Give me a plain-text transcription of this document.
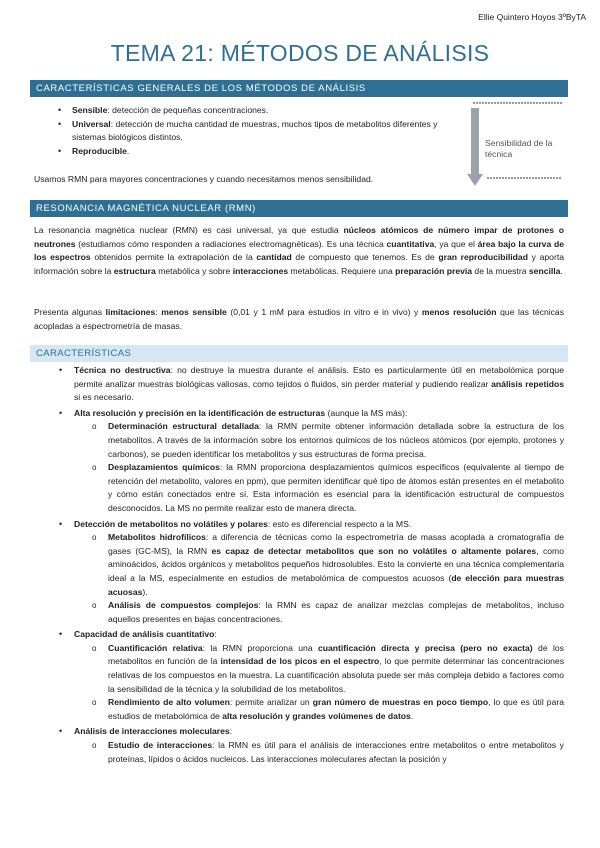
Ellie Quintero Hoyos 3ºByTA
TEMA 21: MÉTODOS DE ANÁLISIS
CARACTERÍSTICAS GENERALES DE LOS MÉTODOS DE ANÁLISIS
• Sensible: detección de pequeñas concentraciones.
• Universal: detección de mucha cantidad de muestras, muchos tipos de metabolitos diferentes y sistemas biológicos distintos.
• Reproducible.
Usamos RMN para mayores concentraciones y cuando necesitamos menos sensibilidad.
Sensibilidad de la técnica
RESONANCIA MAGNÉTICA NUCLEAR (RMN)
La resonancia magnética nuclear (RMN) es casi universal, ya que estudia núcleos atómicos de número impar de protones o neutrones (estudiamos cómo responden a radiaciones electromagnéticas). Es una técnica cuantitativa, ya que el área bajo la curva de los espectros obtenidos permite la extrapolación de la cantidad de compuesto que tenemos. Es de gran reproducibilidad y aporta información sobre la estructura metabólica y sobre interacciones metabólicas. Requiere una preparación previa de la muestra sencilla.
Presenta algunas limitaciones: menos sensible (0,01 y 1 mM para estudios in vitro e in vivo) y menos resolución que las técnicas acopladas a espectrometría de masas.
CARACTERÍSTICAS
• Técnica no destructiva: no destruye la muestra durante el análisis. Esto es particularmente útil en metabolómica porque permite analizar muestras biológicas valiosas, como tejidos o fluidos, sin perder material y pudiendo realizar análisis repetidos si es necesario.
• Alta resolución y precisión en la identificación de estructuras (aunque la MS más):
o Determinación estructural detallada: la RMN permite obtener información detallada sobre la estructura de los metabolitos. A través de la información sobre los entornos químicos de los núcleos atómicos (por ejemplo, protones y carbonos), se pueden identificar los metabolitos y sus estructuras de forma precisa.
o Desplazamientos químicos: la RMN proporciona desplazamientos químicos específicos (equivalente al tiempo de retención del metabolito, valores en ppm), que permiten identificar qué tipo de átomos están presentes en el metabolito y cómo están conectados entre sí. Esta información es esencial para la identificación estructural de compuestos desconocidos. La MS no permite realizar esto de manera directa.
• Detección de metabolitos no volátiles y polares: esto es diferencial respecto a la MS.
o Metabolitos hidrofílicos: a diferencia de técnicas como la espectrometría de masas acoplada a cromatografía de gases (GC-MS), la RMN es capaz de detectar metabolitos que son no volátiles o altamente polares, como aminoácidos, ácidos orgánicos y metabolitos pequeños hidrosolubles. Esto la convierte en una técnica complementaria ideal a la MS, especialmente en estudios de metabolómica de compuestos acuosos (de elección para muestras acuosas).
o Análisis de compuestos complejos: la RMN es capaz de analizar mezclas complejas de metabolitos, incluso aquellos presentes en bajas concentraciones.
• Capacidad de análisis cuantitativo:
o Cuantificación relativa: la RMN proporciona una cuantificación directa y precisa (pero no exacta) de los metabolitos en función de la intensidad de los picos en el espectro, lo que permite determinar las concentraciones relativas de los compuestos en la muestra. La cuantificación absoluta puede ser más compleja debido a factores como la sensibilidad de la técnica y la solubilidad de los metabolitos.
o Rendimiento de alto volumen: permite analizar un gran número de muestras en poco tiempo, lo que es útil para estudios de metabolómica de alta resolución y grandes volúmenes de datos.
• Análisis de interacciones moleculares:
o Estudio de interacciones: la RMN es útil para el análisis de interacciones entre metabolitos o entre metabolitos y proteínas, lípidos o ácidos nucleicos. Las interacciones moleculares afectan la posición y
